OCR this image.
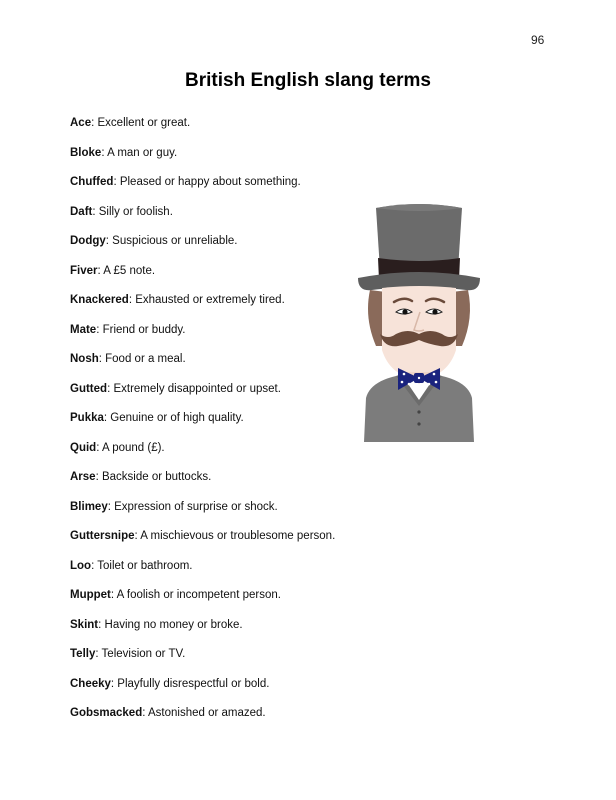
96
British English slang terms
Ace: Excellent or great.
Bloke: A man or guy.
Chuffed: Pleased or happy about something.
Daft: Silly or foolish.
Dodgy: Suspicious or unreliable.
Fiver: A £5 note.
Knackered: Exhausted or extremely tired.
Mate: Friend or buddy.
Nosh: Food or a meal.
Gutted: Extremely disappointed or upset.
Pukka: Genuine or of high quality.
Quid: A pound (£).
Arse: Backside or buttocks.
Blimey: Expression of surprise or shock.
Guttersnipe: A mischievous or troublesome person.
Loo: Toilet or bathroom.
Muppet: A foolish or incompetent person.
Skint: Having no money or broke.
Telly: Television or TV.
Cheeky: Playfully disrespectful or bold.
Gobsmacked: Astonished or amazed.
